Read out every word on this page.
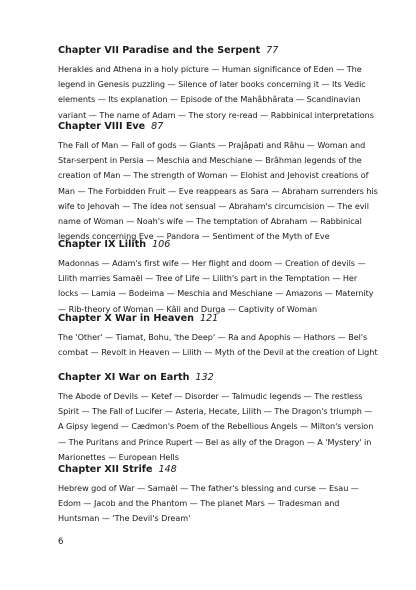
Chapter VII Paradise and the Serpent 77

Herakles and Athena in a holy picture — Human significance of Eden — The legend in Genesis puzzling — Silence of later books concerning it — Its Vedic elements — Its explanation — Episode of the Mahâbhârata — Scandinavian variant — The name of Adam — The story re-read — Rabbinical interpretations

Chapter VIII Eve 87

The Fall of Man — Fall of gods — Giants — Prajâpati and Râhu — Woman and Star-serpent in Persia — Meschia and Meschiane — Brâhman legends of the creation of Man — The strength of Woman — Elohist and Jehovist creations of Man — The Forbidden Fruit — Eve reappears as Sara — Abraham surrenders his wife to Jehovah — The idea not sensual — Abraham's circumcision — The evil name of Woman — Noah's wife — The temptation of Abraham — Rabbinical legends concerning Eve — Pandora — Sentiment of the Myth of Eve

Chapter IX Lilith 106

Madonnas — Adam's first wife — Her flight and doom — Creation of devils — Lilith marries Samaël — Tree of Life — Lilith's part in the Temptation — Her locks — Lamia — Bodeima — Meschia and Meschiane — Amazons — Maternity — Rib-theory of Woman — Kâli and Durga — Captivity of Woman

Chapter X War in Heaven 121

The 'Other' — Tiamat, Bohu, 'the Deep' — Ra and Apophis — Hathors — Bel's combat — Revolt in Heaven — Lilith — Myth of the Devil at the creation of Light

Chapter XI War on Earth 132

The Abode of Devils — Ketef — Disorder — Talmudic legends — The restless Spirit — The Fall of Lucifer — Asteria, Hecate, Lilith — The Dragon's triumph — A Gipsy legend — Cædmon's Poem of the Rebellious Angels — Milton's version — The Puritans and Prince Rupert — Bel as ally of the Dragon — A 'Mystery' in Marionettes — European Hells

Chapter XII Strife 148

Hebrew god of War — Samaël — The father's blessing and curse — Esau — Edom — Jacob and the Phantom — The planet Mars — Tradesman and Huntsman — 'The Devil's Dream'

6
